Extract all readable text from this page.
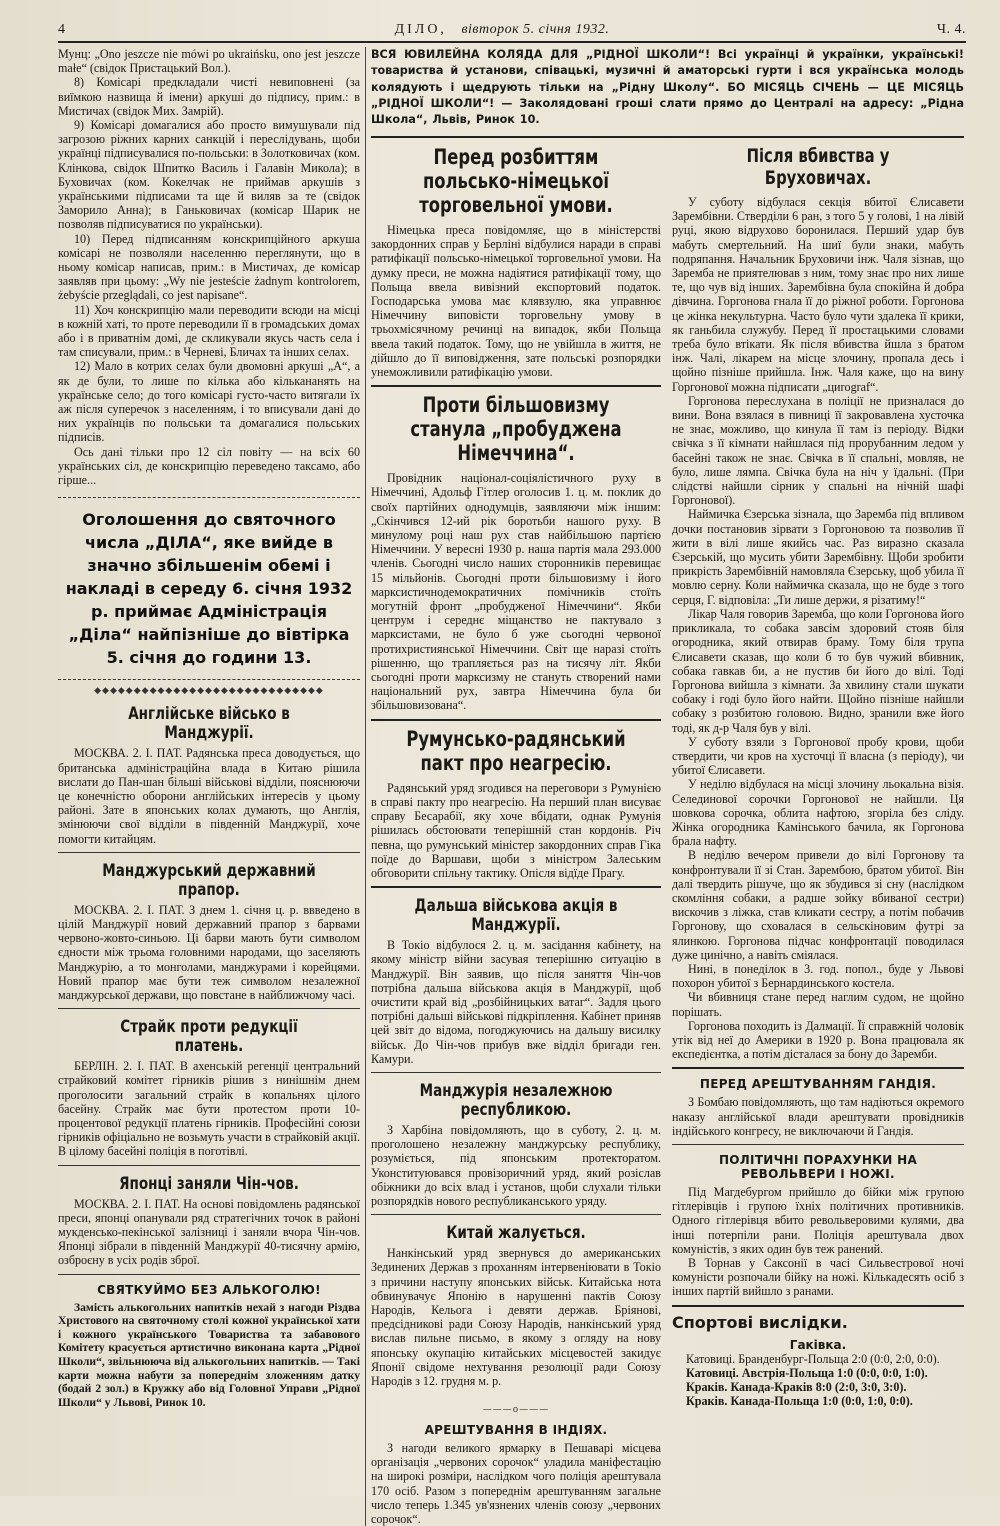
4	ДІЛО, вівторок 5. січня 1932.	Ч. 4.

Мунц: „Ono jeszcze nie mówi po ukraińsku, ono jest jeszcze małe“ (свідок Пристацький Вол.).

8) Комісарі предкладали чисті невиповнені (за виїмкою назвища й імени) аркуші до підпису, прим.: в Мистичах (свідок Мих. Замрій).

9) Комісарі домагалися або просто вимушували під загрозою ріжних карних санкцій і переслідувань, щоби українці підписувалися по-польськи: в Золотковичах (ком. Клінкова, свідок Шпитко Василь і Галавін Микола); в Буховичах (ком. Кокелчак не приймав аркушів з українськими підписами та ще й виляв за те (свідок Заморило Анна); в Ганьковичах (комісар Шарик не позволяв підписуватися по українськи).

10) Перед підписанням конскрипційного аркуша комісарі не позволяли населенню переглянути, що в ньому комісар написав, прим.: в Мистичах, де комісар заявляв при цьому: „Wy nie jesteście żadnym kontrolorem, żebyście przeglądali, co jest napisane“.

11) Хоч конскрипцію мали переводити всюди на місці в кожній хаті, то проте переводили її в громадських домах або і в приватнім домі, де скликували якусь часть села і там списували, прим.: в Черневі, Бличах та інших селах.

12) Мало в котрих селах були двомовні аркуші „A“, а як де були, то лише по кілька або кількананять на українське село; до того комісарі густо-часто витягали їх аж після суперечок з населенням, і то вписували дані до них українців по польськи та домагалися польських підписів.

Ось дані тільки про 12 сіл повіту — на всіх 60 українських сіл, де конскрипцію переведено таксамо, або гірше...

Оголошення до святочного числа „ДІЛА“, яке вийде в значно збільшенім обемі і накладі в середу 6. січня 1932 р. приймає Адміністрація „Діла“ найпізніше до вівтірка 5. січня до години 13.
◆◆◆◆◆◆◆◆◆◆◆◆◆◆◆◆◆◆◆◆◆◆◆◆◆◆◆◆◆
Англійське військо в Манджурії.

МОСКВА. 2. І. ПАТ. Радянська преса доводується, що британська адміністраційна влада в Китаю рішила вислати до Пан-шан більші військові відділи, пояснюючи це конечністю оборони англійських інтересів у цьому районі. Зате в японських колах думають, що Англія, змінюючи свої відділи в південній Манджурії, хоче помогти китайцям.

Манджурський державний прапор.

МОСКВА. 2. І. ПАТ. З днем 1. січня ц. р. ввведено в цілій Манджурії новий державний прапор з барвами червоно-жовто-синьою. Ці барви мають бути символом єдности між трьома головними народами, що заселяють Манджурію, а то монголами, манджурами і корейцями. Новий прапор має бути теж символом незалежної манджурської держави, що повстане в найближчому часі.

Страйк проти редукції платень.

БЕРЛІН. 2. І. ПАТ. В ахенській регенції центральний страйковий комітет гірників рішив з нинішнім днем проголосити загальний страйк в копальнях цілого басейну. Страйк має бути протестом проти 10-процентової редукції платень гірників. Професійні союзи гірників офіціально не возьмуть участи в страйковій акції. В цілому басейні поліція в поготівлі.

Японці заняли Чін-чов.

МОСКВА. 2. І. ПАТ. На основі повідомлень радянської преси, японці опанували ряд стратегічних точок в районі мукденсько-пекінської залізниці і заняли вчора Чін-чов. Японці зібрали в південній Манджурії 40-тисячну армію, озброєну в усіх родів зброї.

СВЯТКУЙМО БЕЗ АЛЬКОГОЛЮ!

Замість алькогольних напитків нехай з нагоди Різдва Христового на святочному столі кожної української хати і кожного українського Товариства та забавового Комітету красується артистично виконана карта „Рідної Школи“, звільнююча від алькогольних напитків. — Такі карти можна набути за попереднім зложенням датку (бодай 2 зол.) в Кружку або від Головної Управи „Рідної Школи“ у Львові, Ринок 10.

ВСЯ ЮВИЛЕЙНА КОЛЯДА ДЛЯ „РІДНОЇ ШКОЛИ“! Всі українці й українки, українські! товариства й установи, співацькі, музичні й аматорські гурти і вся українська молодь колядують і щедрують тільки на „Рідну Школу“. БО МІСЯЦЬ СІЧЕНЬ — ЦЕ МІСЯЦЬ „РІДНОЇ ШКОЛИ“! — Заколядовані гроші слати прямо до Централі на адресу: „Рідна Школа“, Львів, Ринок 10.

Перед розбиттям польсько-німецької торговельної умови.

Німецька преса повідомляє, що в міністерстві закордонних справ у Берліні відбулися наради в справі ратифікації польсько-німецької торговельної умови. На думку преси, не можна надіятися ратифікації тому, що Польща ввела вивізний експортовий податок. Господарська умова має клявзулю, яка управнює Німеччину виповісти торговельну умову в трьохмісячному речинці на випадок, якби Польща ввела такий податок. Тому, що не увійшла в життя, не дійшло до її виповідження, зате польські розпорядки унеможливили ратифікацію умови.

Проти більшовизму станула „пробуджена Німеччина“.

Провідник націонал-соціялістичного руху в Німеччині, Адольф Гітлер оголосив 1. ц. м. поклик до своїх партійних однодумців, заявляючи між іншим: „Скінчився 12-ий рік боротьби нашого руху. В минулому році наш рух став найбільшою партією Німеччини. У вересні 1930 р. наша партія мала 293.000 членів. Сьогодні число наших сторонників перевищає 15 мільйонів. Сьогодні проти більшовизму і його марксистичнодемократичних помічників стоїть могутній фронт „пробудженої Німеччини“. Якби центрум і середнє міщанство не пактувало з марксистами, не було б уже сьогодні червоної протихристиянської Німеччини. Світ ще наразі стоїть рішенню, що трапляється раз на тисячу літ. Якби сьогодні проти марксизму не стануть створений нами національний рух, завтра Німеччина була би збільшовизована“.

Румунсько-радянський пакт про неагресію.

Радянський уряд згодився на переговори з Румунією в справі пакту про неагресію. На перший план висуває справу Бесарабії, яку хоче вбідати, однак Румунія рішилась обстоювати теперішній стан кордонів. Річ певна, що румунський міністер закордонних справ Гіка поїде до Варшави, щоби з міністром Залеським обговорити спільну тактику. Опісля відїде Прагу.

Дальша військова акція в Манджурії.

В Токіо відбулося 2. ц. м. засідання кабінету, на якому міністр війни засувая теперішню ситуацію в Манджурії. Він заявив, що після заняття Чін-чов потрібна дальша військова акція в Манджурії, щоб очистити край від „розбійницьких ватаг“. Задля цього потрібні дальші військові підкріплення. Кабінет приняв цей звіт до відома, погоджуючись на дальшу висилку військ. До Чін-чов прибув вже відділ бригади ген. Камури.

Манджурія незалежною республикою.

З Харбіна повідомляють, що в суботу, 2. ц. м. проголошено незалежну манджурську республику, розуміється, під японським протекторатом. Уконституювався провізоричний уряд, який розіслав обіжники до всіх влад і установ, щоби слухали тільки розпорядків нового республиканського уряду.

Китай жалується.

Нанкінський уряд звернувся до американських Зединених Держав з проханням інтервеніювати в Токіо з причини наступу японських військ. Китайська нота обвинувачує Японію в нарушенні пактів Союзу Народів, Кельога і девяти держав. Бріянові, предсідникові ради Союзу Народів, нанкінський уряд вислав пильне письмо, в якому з огляду на нову японську окупацію китайських місцевостей закидує Японії свідоме нехтування резолюції ради Союзу Народів з 12. грудня м. р.

———o———
АРЕШТУВАННЯ В ІНДІЯХ.

З нагоди великого ярмарку в Пешаварі місцева організація „червоних сорочок“ уладила маніфестацію на широкі розміри, наслідком чого поліція арештувала 170 осіб. Разом з попереднім арештуванням загальне число теперь 1.345 ув'язнених членів союзу „червоних сорочок“.

Після вбивства у Бруховичах.

У суботу відбулася секція вбитої Єлисавети Зарембівни. Стверділи 6 ран, з того 5 у голові, 1 на лівій руці, якою відрухово боронилася. Перший удар був мабуть смертельний. На шиї були знаки, мабуть подряпання. Начальник Бруховичи інж. Чаля зізнав, що Заремба не приятелював з ним, тому знає про них лише те, що чув від інших. Зарембівна була спокійна й добра дівчина. Горгонова гнала її до ріжної роботи. Горгонова це жінка некультурна. Часто було чути здалека її крики, як ганьбила служубу. Перед її простацькими словами треба було втікати. Як після вбивства йшла з братом інж. Чалі, лікарем на місце злочину, пропала десь і щойно пізніше прийшла. Інж. Чаля каже, що на вину Горгонової можна підписати „циrograf“.

Горгонова переслухана в поліції не призналася до вини. Вона взялася в пивниці її закровавлена хусточка не знає, можливо, що кинула її там із періоду. Відки свічка з її кімнати найшлася під прорубанним ледом у басейні також не знає. Свічка в її спальні, мовляв, не було, лише лямпа. Свічка була на ніч у їдальні. (При слідстві найшли сірник у спальні на нічній шафі Горгонової).

Наймичка Єзерська зізнала, що Заремба під впливом дочки постановив зірвати з Горгоновою та позволив її жити в вілі лише якийсь час. Раз виразно сказала Єзерській, що мусить убити Зарембівну. Щоби зробити прикрість Зарембівній намовляла Єзерську, щоб убила її мовлю серну. Коли наймичка сказала, що не буде з того серця, Г. відповіла: „Ти лише держи, я різатиму!“

Лікар Чаля говорив Заремба, що коли Горгонова його прикликала, то собака завсім здоровий стояв біля огородника, який отвирав браму. Тому біля трупа Єлисавети сказав, що коли б то був чужий вбивник, собака гавкав би, а не пустив би його до вілі. Тоді Горгонова вийшла з кімнати. За хвилину стали шукати собаку і годі було його найти. Щойно пізніше найшли собаку з розбитою головою. Видно, зранили вже його тоді, як д-р Чаля був у вілі.

У суботу взяли з Горгонової пробу крови, щоби ствердити, чи кров на хусточці її власна (з періоду), чи убитої Єлисавети.

У неділю відбулася на місці злочину льокальна візія. Селединової сорочки Горгонової не найшли. Ця шовкова сорочка, облита нафтою, згоріла без сліду. Жінка огородника Камінського бачила, як Горгонова брала нафту.

В неділю вечером привели до вілі Горгонову та конфронтували її зі Стан. Зарембою, братом убитої. Він далі твердить рішуче, що як збудився зі сну (наслідком скомління собаки, а радше зойку вбиваної сестри) вискочив з ліжка, став кликати сестру, а потім побачив Горгонову, що сховалася в сельскіновим футрі за ялинкою. Горгонова підчас конфронтації поводилася дуже цинічно, а навіть сміялася.

Нині, в понеділок в 3. год. попол., буде у Львові похорон убитої з Бернардинського костела.

Чи вбивниця стане перед наглим судом, не щойно порішать.

Горгонова походить із Далмації. Її справжній чоловік утік від неї до Америки в 1920 р. Вона працювала як експедієнтка, а потім дісталася за бону до Заремби.

ПЕРЕД АРЕШТУВАННЯМ ГАНДІЯ.

З Бомбаю повідомляють, що там надіються окремого наказу англійської влади арештувати провідників індійського конгресу, не виключаючи й Гандія.

ПОЛІТИЧНІ ПОРАХУНКИ НА РЕВОЛЬВЕРИ І НОЖІ.

Під Магдебургом прийшло до бійки між групою гітлерівців і групою їхніх політичних противників. Одного гітлерівця вбито револьверовими кулями, два інші потерпіли рани. Поліція арештувала двох комуністів, з яких один був теж ранений.

В Торнав у Саксонії в часі Сильвестрової ночі комуністи розпочали бійку на ножі. Кількадесять осіб з інших партій вийшло з ранами.

Спортові вислідки.
Гаківка.

Катовиці. Бранденбург-Польща 2:0 (0:0, 2:0, 0:0).

Катовиці. Австрія-Польща 1:0 (0:0, 0:0, 1:0).

Краків. Канада-Краків 8:0 (2:0, 3:0, 3:0).

Краків. Канада-Польща 1:0 (0:0, 1:0, 0:0).
